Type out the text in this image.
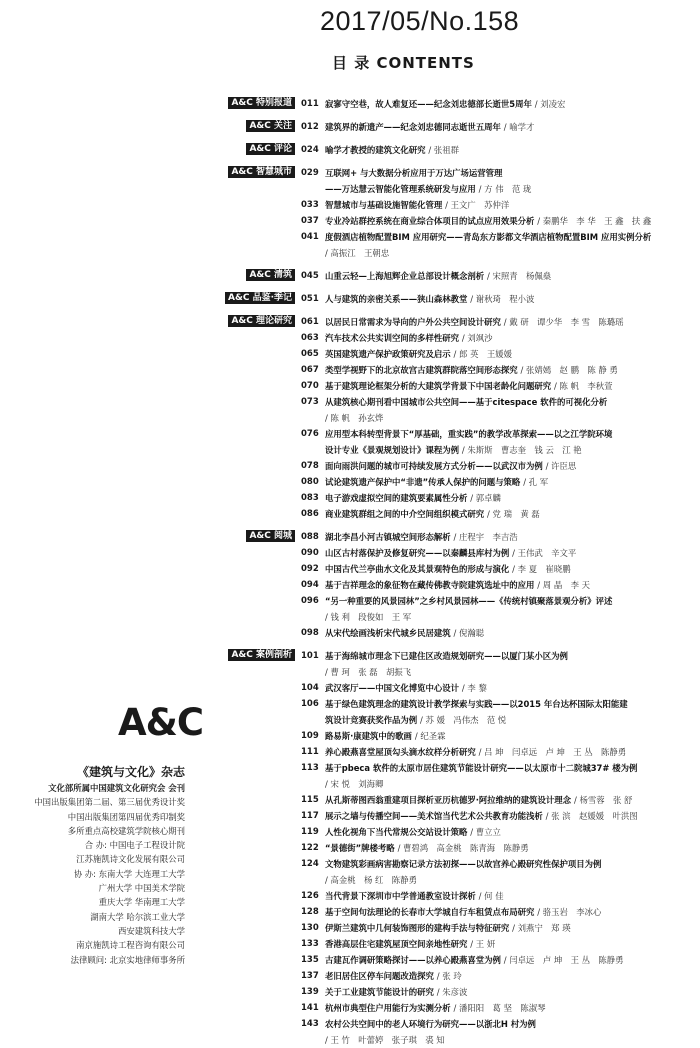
2017/05/No.158
目 录 CONTENTS
A&C 特别报道	011 寂寥守空巷，故人难复还——纪念刘忠德部长逝世5周年 / 刘凌宏
A&C 关注	012 建筑界的新遗产——纪念刘忠德同志逝世五周年 / 喻学才
A&C 评论	024 喻学才教授的建筑文化研究 / 张祖群
A&C 智慧城市	029 互联网+ 与大数据分析应用于万达广场运营管理
——万达慧云智能化管理系统研发与应用 / 方 伟　范 珑
033 智慧城市与基础设施智能化管理 / 王文广　苏仲洋
037 专业冷站群控系统在商业综合体项目的试点应用效果分析 / 秦鹏华　李 华　王 鑫　扶 鑫
041 度假酒店植物配置BIM 应用研究——青岛东方影都文华酒店植物配置BIM 应用实例分析
/ 高振江　王朝忠
A&C 清筑	045 山重云轻—上海旭辉企业总部设计概念剖析 / 宋照青　杨佩燊
A&C 品鉴·季记	051 人与建筑的亲密关系——狭山森林教堂 / 谢秋琦　程小波
A&C 理论研究	061 以居民日常需求为导向的户外公共空间设计研究 / 戴 研　谭少华　李 雪　陈璐瑶
063 汽车技术公共实训空间的多样性研究 / 刘飒沙
065 英国建筑遗产保护政策研究及启示 / 郎 英　王媛媛
067 类型学视野下的北京故宫古建筑群院落空间形态探究 / 张婧嫣　赵 鹏　陈 静 勇
070 基于建筑理论框架分析的大建筑学背景下中国老龄化问题研究 / 陈 帆　李秋萱
073 从建筑核心期刊看中国城市公共空间——基于citespace 软件的可视化分析
/ 陈 帆　孙玄烨
076 应用型本科转型背景下“厚基础，重实践”的教学改革探索——以之江学院环境
设计专业《景观规划设计》课程为例 / 朱斯斯　曹志奎　钱 云　江 艳
078 面向雨洪问题的城市可持续发展方式分析——以武汉市为例 / 许臣思
080 试论建筑遗产保护中“非遗”传承人保护的问题与策略 / 孔 军
083 电子游戏虚拟空间的建筑要素属性分析 / 郭卓麟
086 商业建筑群组之间的中介空间组织模式研究 / 党 瑞　黄 磊
A&C 阅城	088 湖北李昌小河古镇城空间形态解析 / 庄程宇　李吉浩
090 山区古村落保护及修复研究——以秦麟县库村为例 / 王伟武　辛文平
092 中国古代兰亭曲水文化及其景观特色的形成与演化 / 李 夏　崔晓鹏
094 基于吉祥理念的象征物在藏传佛教寺院建筑选址中的应用 / 周 晶　李 天
096 “另一种重要的风景园林”之乡村风景园林——《传统村镇聚落景观分析》评述
/ 钱 利　段俊如　王 军
098 从宋代绘画浅析宋代城乡民居建筑 / 倪瀚聪
A&C 案例剖析	101 基于海绵城市理念下已建住区改造规划研究——以厦门某小区为例
/ 曹 珂　张 磊　胡振飞
104 武汉客厅——中国文化博览中心设计 / 李 黎
106 基于绿色建筑理念的建筑设计教学探索与实践——以2015 年台达杯国际太阳能建
筑设计竞赛获奖作品为例 / 苏 媛　冯伟杰　范 悦
109 路易斯·康建筑中的歌画 / 纪圣霖
111 养心殿燕喜堂屋顶勾头滴水纹样分析研究 / 吕 坤　闫卓远　卢 坤　王 丛　陈静勇
113 基于pbeca 软件的太原市居住建筑节能设计研究——以太原市十二院城37# 楼为例
/ 宋 悦　刘海卿
115 从孔斯蒂图西翁重建项目探析亚历杭德罗·阿拉维纳的建筑设计理念 / 杨雪蓉　张 舒
117 展示之墙与传播空间——美术馆当代艺术公共教育功能浅析 / 张 滨　赵媛媛　叶洪图
119 人性化视角下当代常规公交站设计策略 / 曹立立
122 “景德街”牌楼考略 / 曹碧鸿　高金桃　陈青海　陈静勇
124 文物建筑彩画病害勘察记录方法初探——以故宫养心殿研究性保护项目为例
/ 高金桃　杨 红　陈静勇
126 当代背景下深圳市中学普通教室设计探析 / 何 佳
128 基于空间句法理论的长春市大学城自行车租赁点布局研究 / 骆玉岩　李冰心
130 伊斯兰建筑中几何装饰图形的建构手法与特征研究 / 刘燕宁　郑 瑛
133 香港高层住宅建筑屋顶空间亲地性研究 / 王 妍
135 古建瓦作调研策略探讨——以养心殿燕喜堂为例 / 闫卓远　卢 坤　王 丛　陈静勇
137 老旧居住区停车问题改造探究 / 张 玲
139 关于工业建筑节能设计的研究 / 朱彦波
141 杭州市典型住户用能行为实测分析 / 潘阳阳　葛 坚　陈淑琴
143 农村公共空间中的老人环境行为研究——以浙北H 村为例
/ 王 竹　叶蕾婷　张子琪　裘 知
A&C
《建筑与文化》杂志
文化部所属中国建筑文化研究会 会刊
中国出版集团第二届、第三届优秀设计奖
中国出版集团第四届优秀印制奖
多所重点高校建筑学院核心期刊
合 办: 中国电子工程设计院
江苏施凯诗文化发展有限公司
协 办: 东南大学 大连理工大学
广州大学 中国美术学院
重庆大学 华南理工大学
湖南大学 哈尔滨工业大学
西安建筑科技大学
南京施凯诗工程咨询有限公司
法律顾问: 北京实地律师事务所
